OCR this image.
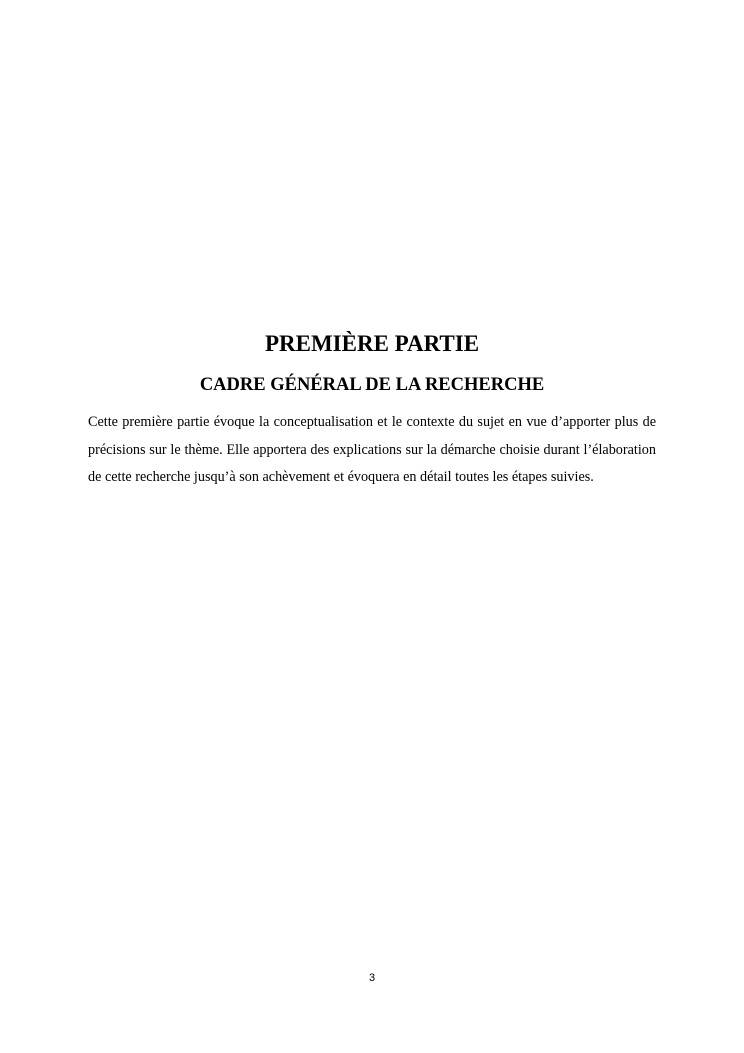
PREMIÈRE PARTIE
CADRE GÉNÉRAL DE LA RECHERCHE

Cette première partie évoque la conceptualisation et le contexte du sujet en vue d’apporter plus de précisions sur le thème. Elle apportera des explications sur la démarche choisie durant l’élaboration de cette recherche jusqu’à son achèvement et évoquera en détail toutes les étapes suivies.

3
